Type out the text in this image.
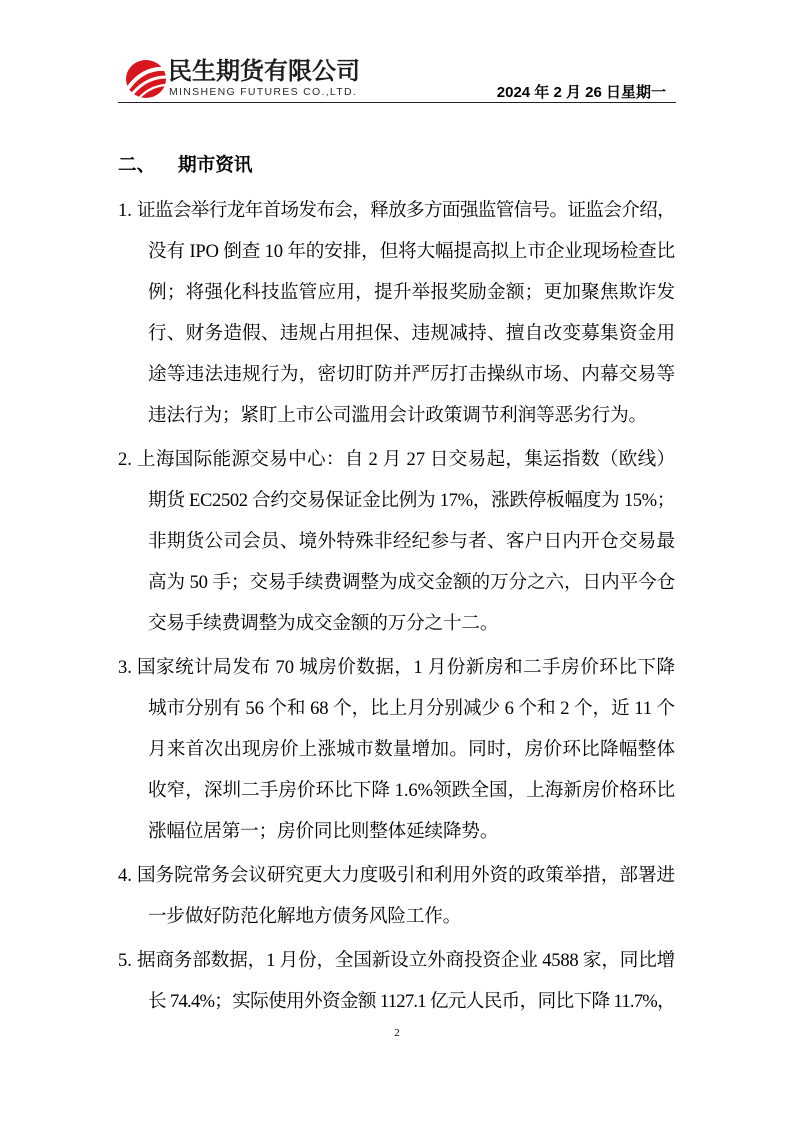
民生期货有限公司
MINSHENG FUTURES CO.,LTD.	2024 年 2 月 26 日星期一
二、	期市资讯
1. 证监会举行龙年首场发布会，释放多方面强监管信号。证监会介绍，
没有 IPO 倒查 10 年的安排，但将大幅提高拟上市企业现场检查比
例；将强化科技监管应用，提升举报奖励金额；更加聚焦欺诈发
行、财务造假、违规占用担保、违规减持、擅自改变募集资金用
途等违法违规行为，密切盯防并严厉打击操纵市场、内幕交易等
违法行为；紧盯上市公司滥用会计政策调节利润等恶劣行为。
2. 上海国际能源交易中心：自 2 月 27 日交易起，集运指数（欧线）
期货 EC2502 合约交易保证金比例为 17%，涨跌停板幅度为 15%；
非期货公司会员、境外特殊非经纪参与者、客户日内开仓交易最
高为 50 手；交易手续费调整为成交金额的万分之六，日内平今仓
交易手续费调整为成交金额的万分之十二。
3. 国家统计局发布 70 城房价数据，1 月份新房和二手房价环比下降
城市分别有 56 个和 68 个，比上月分别减少 6 个和 2 个，近 11 个
月来首次出现房价上涨城市数量增加。同时，房价环比降幅整体
收窄，深圳二手房价环比下降 1.6%领跌全国，上海新房价格环比
涨幅位居第一；房价同比则整体延续降势。
4. 国务院常务会议研究更大力度吸引和利用外资的政策举措，部署进
一步做好防范化解地方债务风险工作。
5. 据商务部数据，1 月份，全国新设立外商投资企业 4588 家，同比增
长 74.4%；实际使用外资金额 1127.1 亿元人民币，同比下降 11.7%，
2
